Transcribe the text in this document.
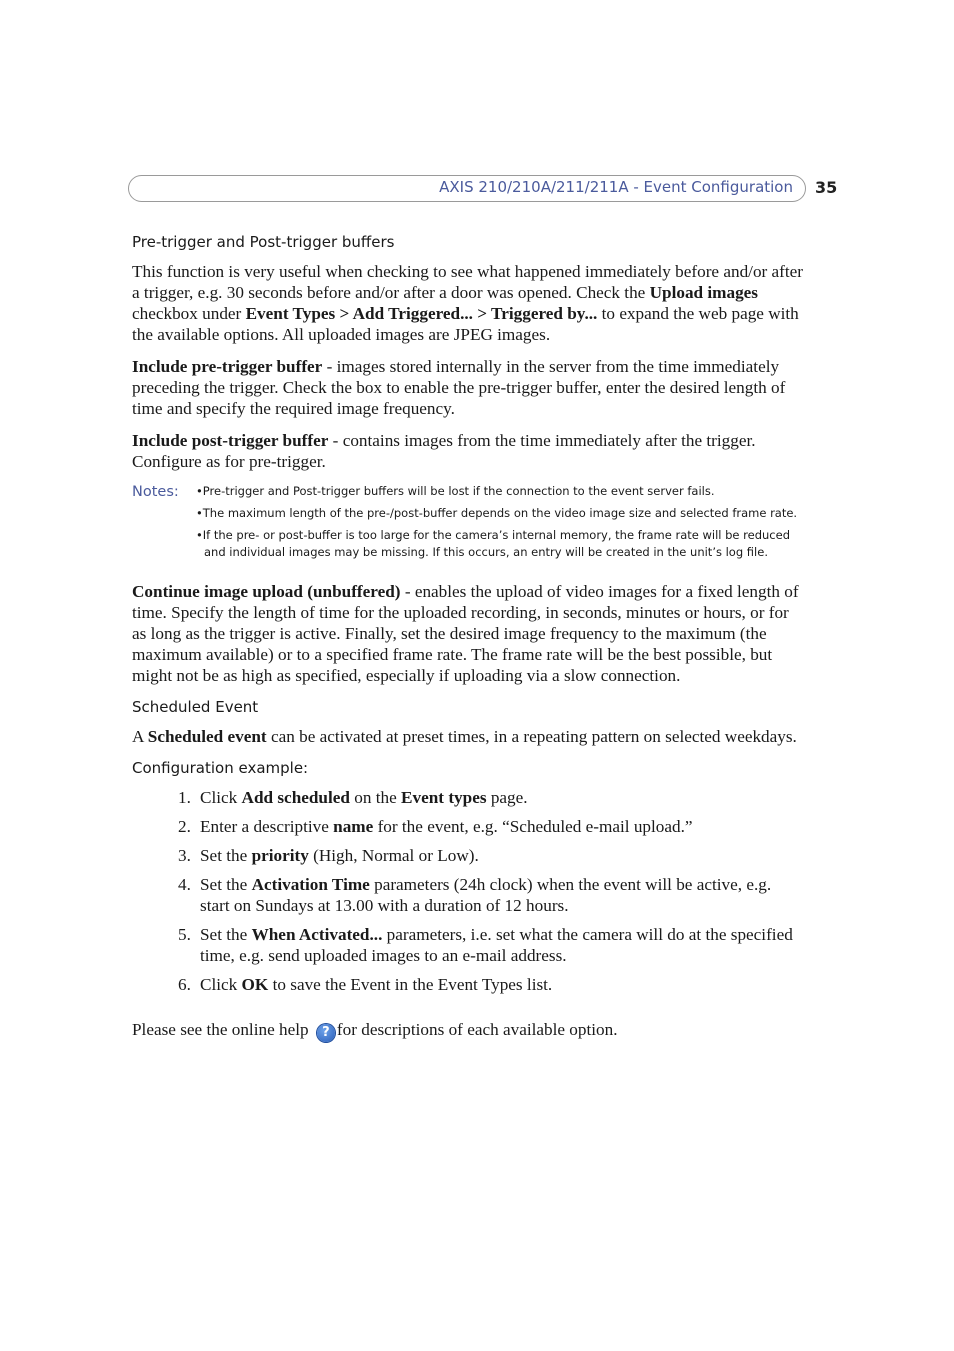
AXIS 210/210A/211/211A - Event Configuration 35
Pre-trigger and Post-trigger buffers

This function is very useful when checking to see what happened immediately before and/or after a trigger, e.g. 30 seconds before and/or after a door was opened. Check the Upload images checkbox under Event Types > Add Triggered... > Triggered by... to expand the web page with the available options. All uploaded images are JPEG images.

Include pre-trigger buffer - images stored internally in the server from the time immediately preceding the trigger. Check the box to enable the pre-trigger buffer, enter the desired length of time and specify the required image frequency.

Include post-trigger buffer - contains images from the time immediately after the trigger. Configure as for pre-trigger.

Notes:	•Pre-trigger and Post-trigger buffers will be lost if the connection to the event server fails.
•The maximum length of the pre-/post-buffer depends on the video image size and selected frame rate.
•If the pre- or post-buffer is too large for the camera’s internal memory, the frame rate will be reduced and individual images may be missing. If this occurs, an entry will be created in the unit’s log file.

Continue image upload (unbuffered) - enables the upload of video images for a fixed length of time. Specify the length of time for the uploaded recording, in seconds, minutes or hours, or for as long as the trigger is active. Finally, set the desired image frequency to the maximum (the maximum available) or to a specified frame rate. The frame rate will be the best possible, but might not be as high as specified, especially if uploading via a slow connection.

Scheduled Event

A Scheduled event can be activated at preset times, in a repeating pattern on selected weekdays.

Configuration example:
1. Click Add scheduled on the Event types page.
2. Enter a descriptive name for the event, e.g. “Scheduled e-mail upload.”
3. Set the priority (High, Normal or Low).
4. Set the Activation Time parameters (24h clock) when the event will be active, e.g. start on Sundays at 13.00 with a duration of 12 hours.
5. Set the When Activated... parameters, i.e. set what the camera will do at the specified time, e.g. send uploaded images to an e-mail address.
6. Click OK to save the Event in the Event Types list.

Please see the online help ? for descriptions of each available option.
